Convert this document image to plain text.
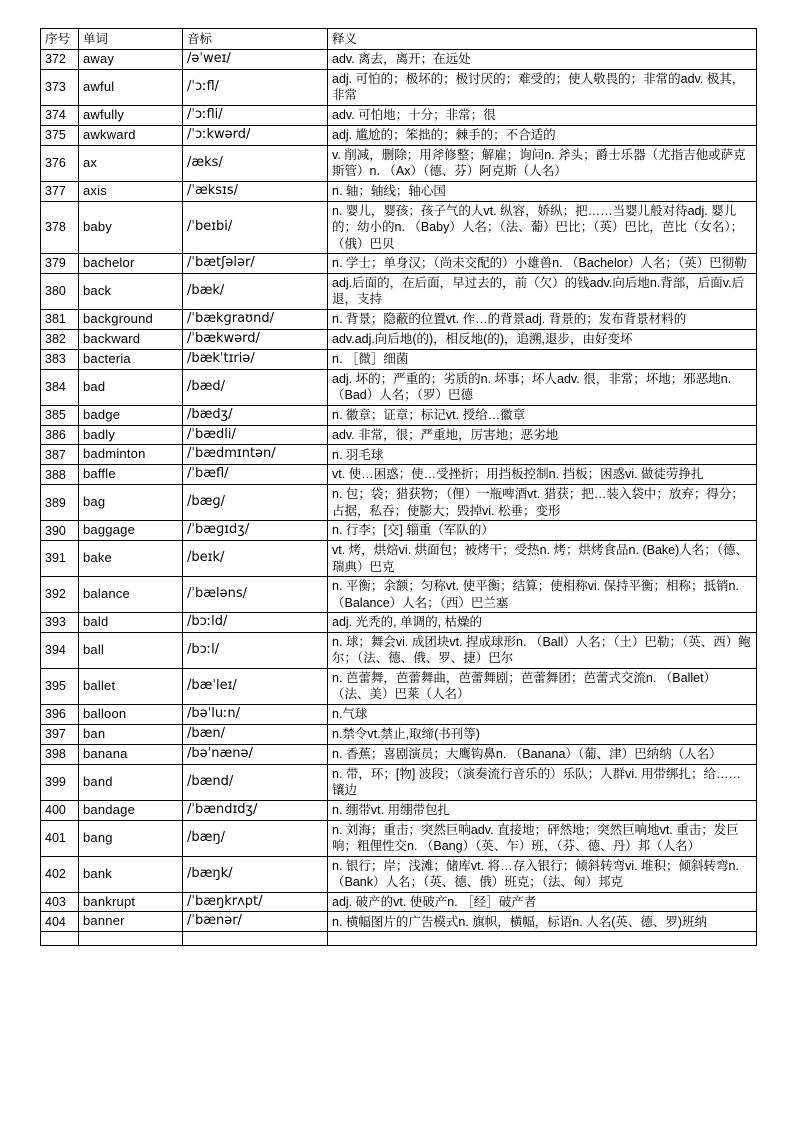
序号	单词	音标	释义
372	away	/əˈweɪ/	adv. 离去，离开；在远处
373	awful	/ˈɔːfl/	adj. 可怕的；极坏的；极讨厌的；难受的；使人敬畏的；非常的adv. 极其，非常
374	awfully	/ˈɔːfli/	adv. 可怕地；十分；非常；很
375	awkward	/ˈɔːkwərd/	adj. 尴尬的；笨拙的；棘手的；不合适的
376	ax	/æks/	v. 削减，删除；用斧修整；解雇；询问n. 斧头；爵士乐器（尤指吉他或萨克斯管）n. （Ax）（德、芬）阿克斯（人名）
377	axis	/ˈæksɪs/	n. 轴；轴线；轴心国
378	baby	/ˈbeɪbi/	n. 婴儿，婴孩；孩子气的人vt. 纵容，娇纵；把……当婴儿般对待adj. 婴儿的；幼小的n. （Baby）人名；（法、葡）巴比；（英）巴比，芭比（女名）；（俄）巴贝
379	bachelor	/ˈbætʃələr/	n. 学士；单身汉；（尚未交配的）小雄兽n. （Bachelor）人名；（英）巴彻勒
380	back	/bæk/	adj.后面的，在后面，早过去的，前（欠）的钱adv.向后地n.背部，后面v.后退，支持
381	background	/ˈbækɡraʊnd/	n. 背景；隐蔽的位置vt. 作…的背景adj. 背景的；发布背景材料的
382	backward	/ˈbækwərd/	adv.adj.向后地(的)，相反地(的)，追溯,退步，由好变坏
383	bacteria	/bækˈtɪriə/	n. ［微］细菌
384	bad	/bæd/	adj. 坏的；严重的；劣质的n. 坏事；坏人adv. 很，非常；坏地；邪恶地n. （Bad）人名；（罗）巴德
385	badge	/bædʒ/	n. 徽章；证章；标记vt. 授给…徽章
386	badly	/ˈbædli/	adv. 非常，很；严重地，厉害地；恶劣地
387	badminton	/ˈbædmɪntən/	n. 羽毛球
388	baffle	/ˈbæfl/	vt. 使…困惑；使…受挫折；用挡板控制n. 挡板；困惑vi. 做徒劳挣扎
389	bag	/bæɡ/	n. 包；袋；猎获物；（俚）一瓶啤酒vt. 猎获；把…装入袋中；放弃；得分；占据，私吞；使膨大；毁掉vi. 松垂；变形
390	baggage	/ˈbæɡɪdʒ/	n. 行李；[交] 辎重（军队的）
391	bake	/beɪk/	vt. 烤，烘焙vi. 烘面包；被烤干；受热n. 烤；烘烤食品n. (Bake)人名；（德、瑞典）巴克
392	balance	/ˈbæləns/	n. 平衡；余额；匀称vt. 使平衡；结算；使相称vi. 保持平衡；相称；抵销n. （Balance）人名；（西）巴兰塞
393	bald	/bɔːld/	adj. 光秃的, 单调的, 枯燥的
394	ball	/bɔːl/	n. 球；舞会vi. 成团块vt. 捏成球形n. （Ball）人名；（土）巴勒；（英、西）鲍尔；（法、德、俄、罗、捷）巴尔
395	ballet	/bæˈleɪ/	n. 芭蕾舞，芭蕾舞曲，芭蕾舞剧；芭蕾舞团；芭蕾式交流n. （Ballet） （法、美）巴莱（人名）
396	balloon	/bəˈluːn/	n.气球
397	ban	/bæn/	n.禁令vt.禁止,取缔(书刊等)
398	banana	/bəˈnænə/	n. 香蕉；喜剧演员；大鹰钩鼻n. （Banana）（葡、津）巴纳纳（人名）
399	band	/bænd/	n. 带，环；[物] 波段；（演奏流行音乐的）乐队；人群vi. 用带绑扎；给……镶边
400	bandage	/ˈbændɪdʒ/	n. 绷带vt. 用绷带包扎
401	bang	/bæŋ/	n. 刘海；重击；突然巨响adv. 直接地；砰然地；突然巨响地vt. 重击；发巨响；粗俚性交n. （Bang）（英、乍）班，（芬、德、丹）邦（人名）
402	bank	/bæŋk/	n. 银行；岸；浅滩；储库vt. 将…存入银行；倾斜转弯vi. 堆积；倾斜转弯n. （Bank）人名；（英、德、俄）班克；（法、匈）邦克
403	bankrupt	/ˈbæŋkrʌpt/	adj. 破产的vt. 使破产n. ［经］破产者
404	banner	/ˈbænər/	n. 横幅图片的广告模式n. 旗帜，横幅，标语n. 人名(英、德、罗)班纳
